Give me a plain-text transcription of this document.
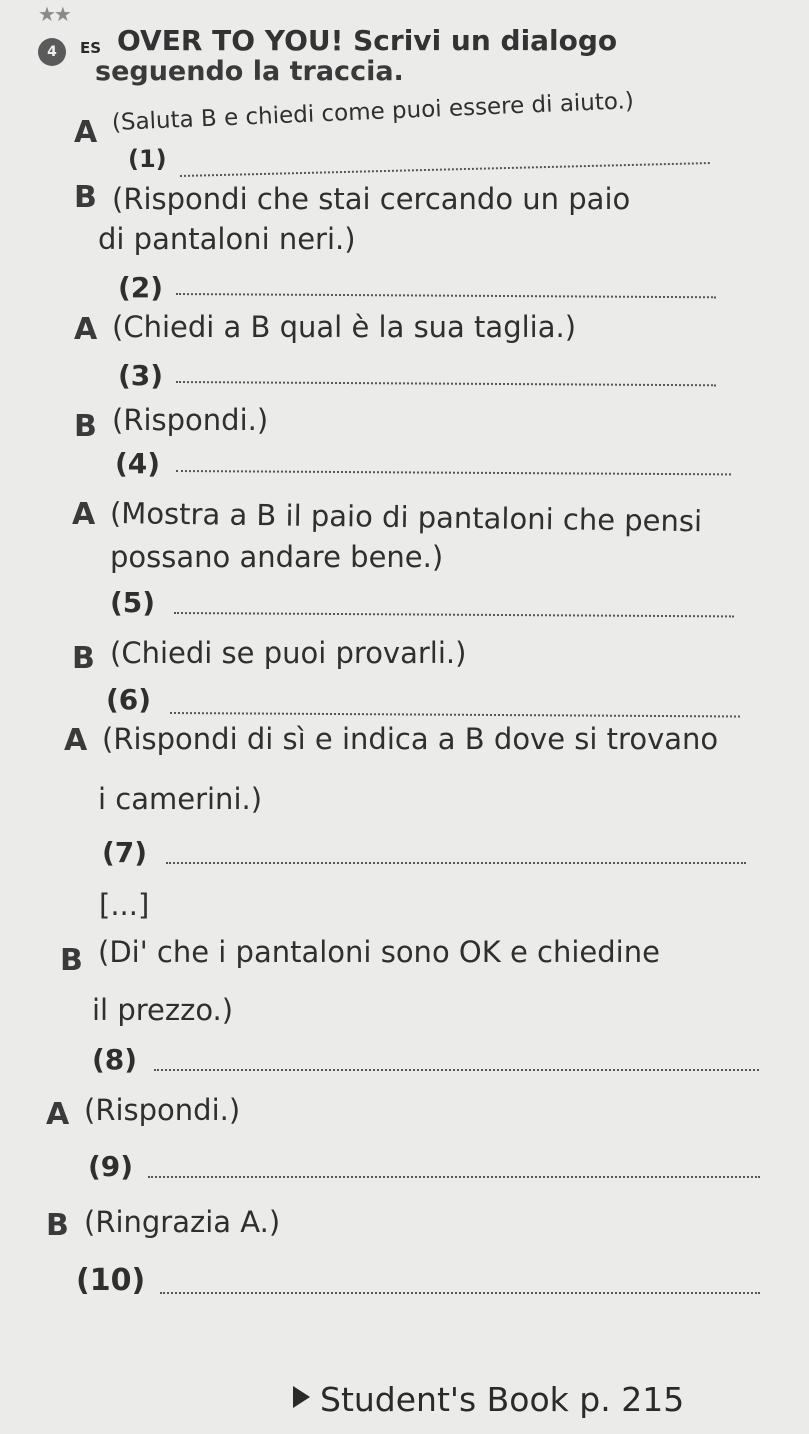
★★
4	ES OVER TO YOU! Scrivi un dialogo
seguendo la traccia.
A (Saluta B e chiedi come puoi essere di aiuto.)
(1)
B (Rispondi che stai cercando un paio
di pantaloni neri.)
(2)
A (Chiedi a B qual è la sua taglia.)
(3)
B (Rispondi.)
(4)
A (Mostra a B il paio di pantaloni che pensi
possano andare bene.)
(5)
B (Chiedi se puoi provarli.)
(6)
A (Rispondi di sì e indica a B dove si trovano
i camerini.)
(7)
B (Di' che i pantaloni sono OK e chiedine
il prezzo.)
(8)
A (Rispondi.)
(9)
B (Ringrazia A.)
(10)
[...]
Student's Book p. 215
